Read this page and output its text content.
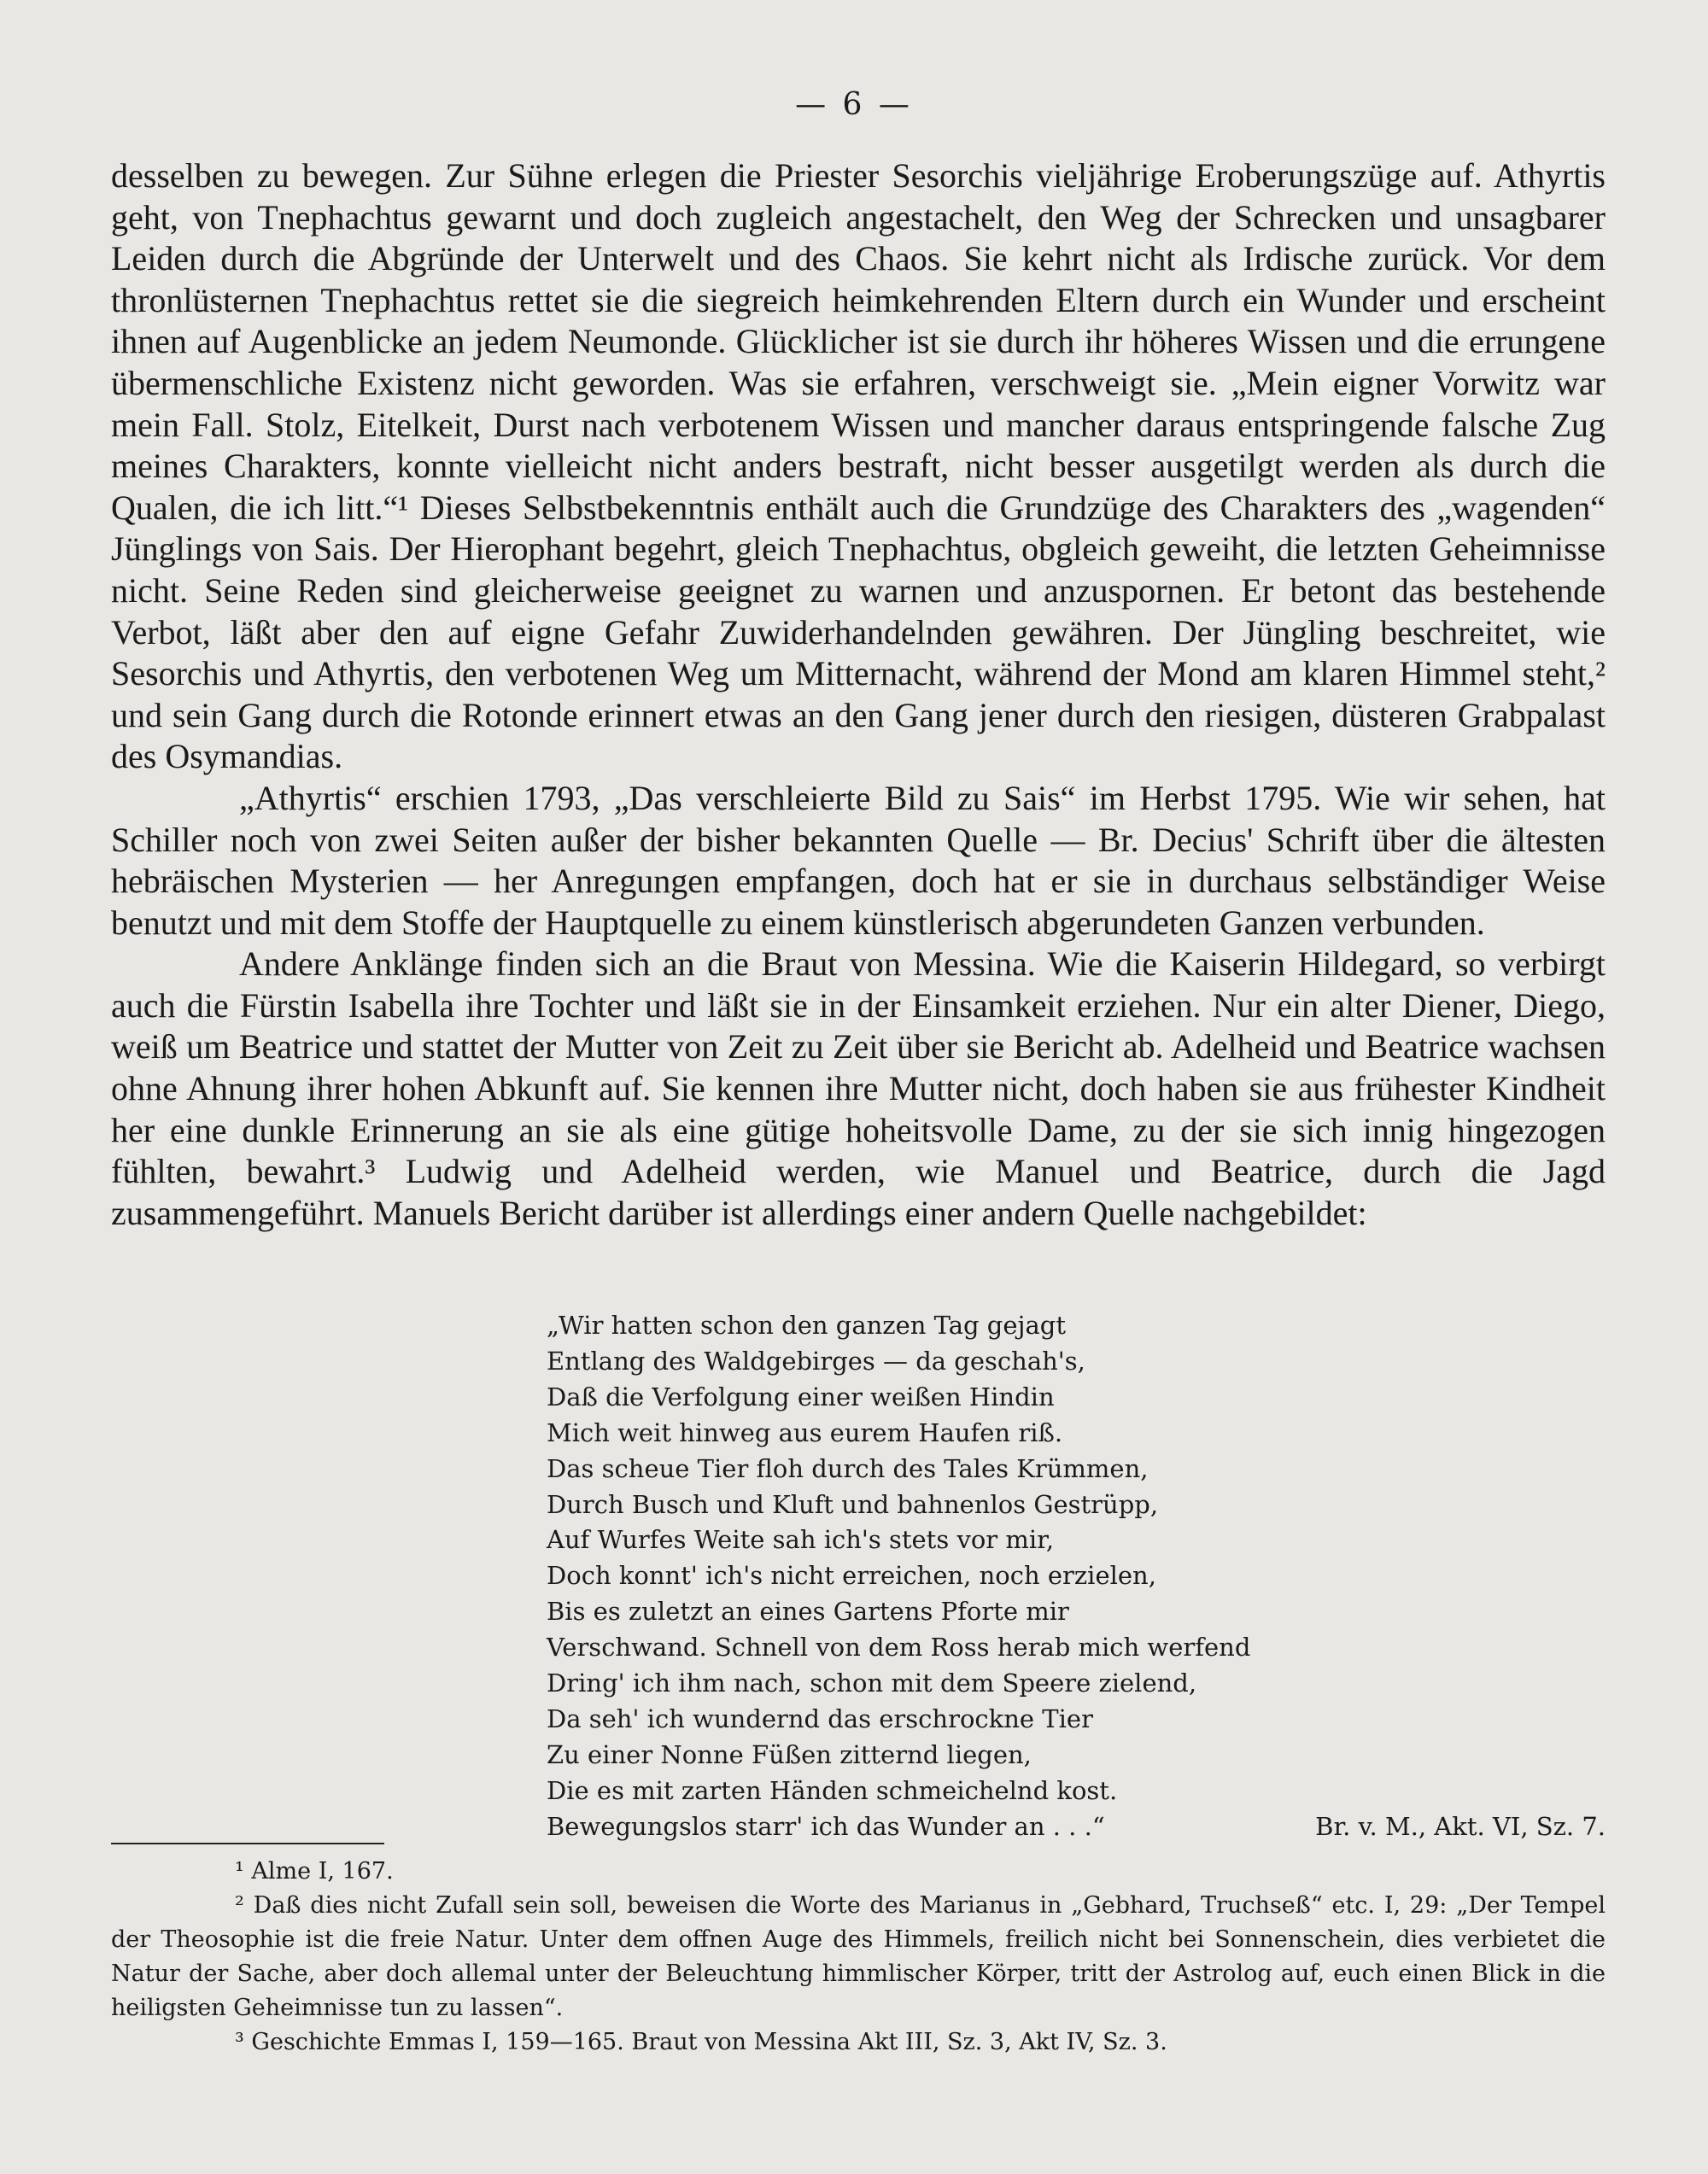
— 6 —

desselben zu bewegen. Zur Sühne erlegen die Priester Sesorchis vieljährige Eroberungszüge auf. Athyrtis geht, von Tnephachtus gewarnt und doch zugleich angestachelt, den Weg der Schrecken und unsagbarer Leiden durch die Abgründe der Unterwelt und des Chaos. Sie kehrt nicht als Irdische zurück. Vor dem thronlüsternen Tnephachtus rettet sie die siegreich heimkehrenden Eltern durch ein Wunder und erscheint ihnen auf Augenblicke an jedem Neumonde. Glücklicher ist sie durch ihr höheres Wissen und die errungene übermenschliche Existenz nicht geworden. Was sie erfahren, verschweigt sie. „Mein eigner Vorwitz war mein Fall. Stolz, Eitelkeit, Durst nach verbotenem Wissen und mancher daraus entspringende falsche Zug meines Charakters, konnte vielleicht nicht anders bestraft, nicht besser ausgetilgt werden als durch die Qualen, die ich litt.“¹ Dieses Selbstbekenntnis enthält auch die Grundzüge des Charakters des „wagenden“ Jünglings von Sais. Der Hierophant begehrt, gleich Tnephachtus, obgleich geweiht, die letzten Geheimnisse nicht. Seine Reden sind gleicherweise geeignet zu warnen und anzuspornen. Er betont das bestehende Verbot, läßt aber den auf eigne Gefahr Zuwiderhandelnden gewähren. Der Jüngling beschreitet, wie Sesorchis und Athyrtis, den verbotenen Weg um Mitternacht, während der Mond am klaren Himmel steht,² und sein Gang durch die Rotonde erinnert etwas an den Gang jener durch den riesigen, düsteren Grabpalast des Osymandias.

„Athyrtis“ erschien 1793, „Das verschleierte Bild zu Sais“ im Herbst 1795. Wie wir sehen, hat Schiller noch von zwei Seiten außer der bisher bekannten Quelle — Br. Decius' Schrift über die ältesten hebräischen Mysterien — her Anregungen empfangen, doch hat er sie in durchaus selbständiger Weise benutzt und mit dem Stoffe der Hauptquelle zu einem künstlerisch abgerundeten Ganzen verbunden.

Andere Anklänge finden sich an die Braut von Messina. Wie die Kaiserin Hildegard, so verbirgt auch die Fürstin Isabella ihre Tochter und läßt sie in der Einsamkeit erziehen. Nur ein alter Diener, Diego, weiß um Beatrice und stattet der Mutter von Zeit zu Zeit über sie Bericht ab. Adelheid und Beatrice wachsen ohne Ahnung ihrer hohen Abkunft auf. Sie kennen ihre Mutter nicht, doch haben sie aus frühester Kindheit her eine dunkle Erinnerung an sie als eine gütige hoheitsvolle Dame, zu der sie sich innig hingezogen fühlten, bewahrt.³ Ludwig und Adelheid werden, wie Manuel und Beatrice, durch die Jagd zusammengeführt. Manuels Bericht darüber ist allerdings einer andern Quelle nachgebildet:

„Wir hatten schon den ganzen Tag gejagt
Entlang des Waldgebirges — da geschah's,
Daß die Verfolgung einer weißen Hindin
Mich weit hinweg aus eurem Haufen riß.
Das scheue Tier floh durch des Tales Krümmen,
Durch Busch und Kluft und bahnenlos Gestrüpp,
Auf Wurfes Weite sah ich's stets vor mir,
Doch konnt' ich's nicht erreichen, noch erzielen,
Bis es zuletzt an eines Gartens Pforte mir
Verschwand. Schnell von dem Ross herab mich werfend
Dring' ich ihm nach, schon mit dem Speere zielend,
Da seh' ich wundernd das erschrockne Tier
Zu einer Nonne Füßen zitternd liegen,
Die es mit zarten Händen schmeichelnd kost.
Bewegungslos starr' ich das Wunder an . . .“	Br. v. M., Akt. VI, Sz. 7.

¹ Alme I, 167.

² Daß dies nicht Zufall sein soll, beweisen die Worte des Marianus in „Gebhard, Truchseß“ etc. I, 29: „Der Tempel der Theosophie ist die freie Natur. Unter dem offnen Auge des Himmels, freilich nicht bei Sonnenschein, dies verbietet die Natur der Sache, aber doch allemal unter der Beleuchtung himmlischer Körper, tritt der Astrolog auf, euch einen Blick in die heiligsten Geheimnisse tun zu lassen“.

³ Geschichte Emmas I, 159—165. Braut von Messina Akt III, Sz. 3, Akt IV, Sz. 3.
